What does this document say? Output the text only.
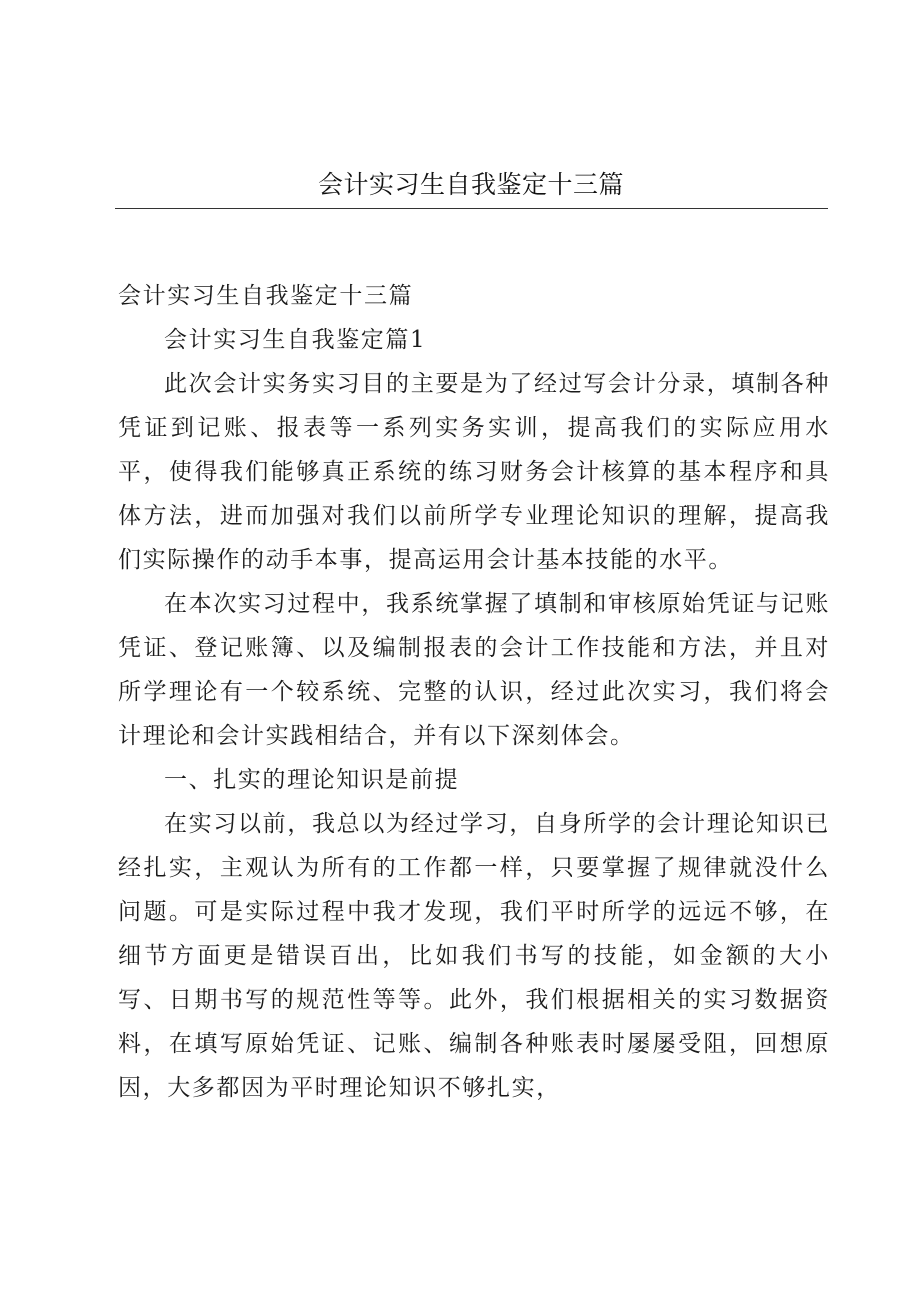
会计实习生自我鉴定十三篇

会计实习生自我鉴定十三篇

会计实习生自我鉴定篇1

此次会计实务实习目的主要是为了经过写会计分录，填制各种凭证到记账、报表等一系列实务实训，提高我们的实际应用水平，使得我们能够真正系统的练习财务会计核算的基本程序和具体方法，进而加强对我们以前所学专业理论知识的理解，提高我们实际操作的动手本事，提高运用会计基本技能的水平。

在本次实习过程中，我系统掌握了填制和审核原始凭证与记账凭证、登记账簿、以及编制报表的会计工作技能和方法，并且对所学理论有一个较系统、完整的认识，经过此次实习，我们将会计理论和会计实践相结合，并有以下深刻体会。

一、扎实的理论知识是前提

在实习以前，我总以为经过学习，自身所学的会计理论知识已经扎实，主观认为所有的工作都一样，只要掌握了规律就没什么问题。可是实际过程中我才发现，我们平时所学的远远不够，在细节方面更是错误百出，比如我们书写的技能，如金额的大小写、日期书写的规范性等等。此外，我们根据相关的实习数据资料，在填写原始凭证、记账、编制各种账表时屡屡受阻，回想原因，大多都因为平时理论知识不够扎实，
